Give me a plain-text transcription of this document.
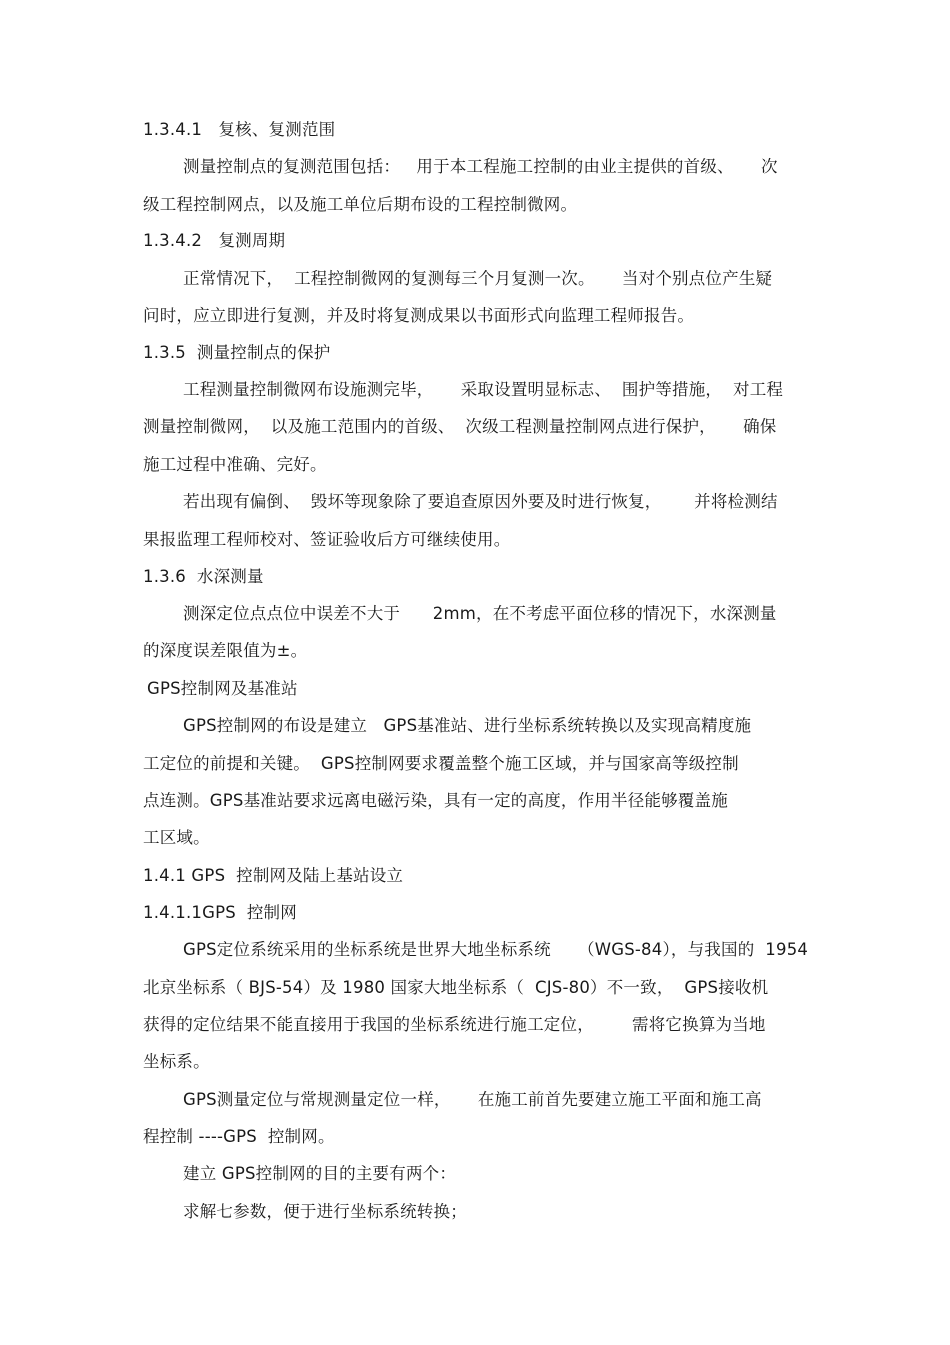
1.3.4.1   复核、复测范围
测量控制点的复测范围包括：   用于本工程施工控制的由业主提供的首级、     次
级工程控制网点，以及施工单位后期布设的工程控制微网。
1.3.4.2   复测周期
正常情况下，  工程控制微网的复测每三个月复测一次。     当对个别点位产生疑
问时，应立即进行复测，并及时将复测成果以书面形式向监理工程师报告。
1.3.5  测量控制点的保护
工程测量控制微网布设施测完毕，     采取设置明显标志、  围护等措施，  对工程
测量控制微网，  以及施工范围内的首级、  次级工程测量控制网点进行保护，     确保
施工过程中准确、完好。
若出现有偏倒、  毁坏等现象除了要追查原因外要及时进行恢复，      并将检测结
果报监理工程师校对、签证验收后方可继续使用。
1.3.6  水深测量
测深定位点点位中误差不大于      2mm，在不考虑平面位移的情况下，水深测量
的深度误差限值为±。
GPS控制网及基准站
GPS控制网的布设是建立   GPS基准站、进行坐标系统转换以及实现高精度施
工定位的前提和关键。  GPS控制网要求覆盖整个施工区域，并与国家高等级控制
点连测。GPS基准站要求远离电磁污染，具有一定的高度，作用半径能够覆盖施
工区域。
1.4.1 GPS  控制网及陆上基站设立
1.4.1.1GPS  控制网
GPS定位系统采用的坐标系统是世界大地坐标系统     （WGS-84），与我国的  1954
北京坐标系（ BJS-54）及 1980 国家大地坐标系（  CJS-80）不一致，  GPS接收机
获得的定位结果不能直接用于我国的坐标系统进行施工定位，       需将它换算为当地
坐标系。
GPS测量定位与常规测量定位一样，     在施工前首先要建立施工平面和施工高
程控制 ----GPS  控制网。
建立 GPS控制网的目的主要有两个：
求解七参数，便于进行坐标系统转换；
